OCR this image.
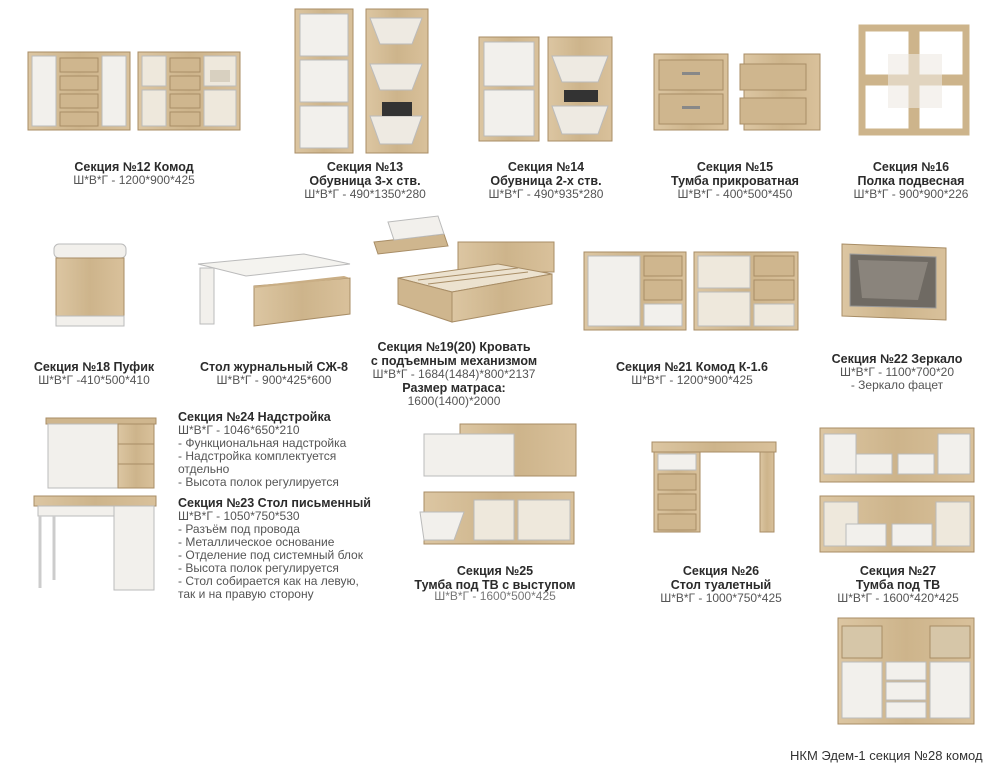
Секция №12 Комод
Ш*В*Г - 1200*900*425
Секция №13
Обувница 3-х ств.
Ш*В*Г - 490*1350*280
Секция №14
Обувница 2-х ств.
Ш*В*Г - 490*935*280
Секция №15
Тумба прикроватная
Ш*В*Г - 400*500*450
Секция №16
Полка подвесная
Ш*В*Г - 900*900*226
Секция №18 Пуфик
Ш*В*Г -410*500*410
Стол журнальный СЖ-8
Ш*В*Г - 900*425*600
Секция №19(20) Кровать
с подъемным механизмом
Ш*В*Г - 1684(1484)*800*2137
Размер матраса:
1600(1400)*2000
Секция №21 Комод К-1.6
Ш*В*Г - 1200*900*425
Секция №22 Зеркало
Ш*В*Г - 1100*700*20
- Зеркало фацет
Секция №24 Надстройка
Ш*В*Г - 1046*650*210
- Функциональная надстройка
- Надстройка комплектуется
отдельно
- Высота полок регулируется
Секция №23 Стол письменный
Ш*В*Г - 1050*750*530
- Разъём под провода
- Металлическое основание
- Отделение под системный блок
- Высота полок регулируется
- Стол собирается как на левую,
так и на правую сторону
Секция №25
Тумба под ТВ с выступом
Ш*В*Г - 1600*500*425
Секция №26
Стол туалетный
Ш*В*Г - 1000*750*425
Секция №27
Тумба под ТВ
Ш*В*Г - 1600*420*425
НКМ Эдем-1 секция №28 комод
